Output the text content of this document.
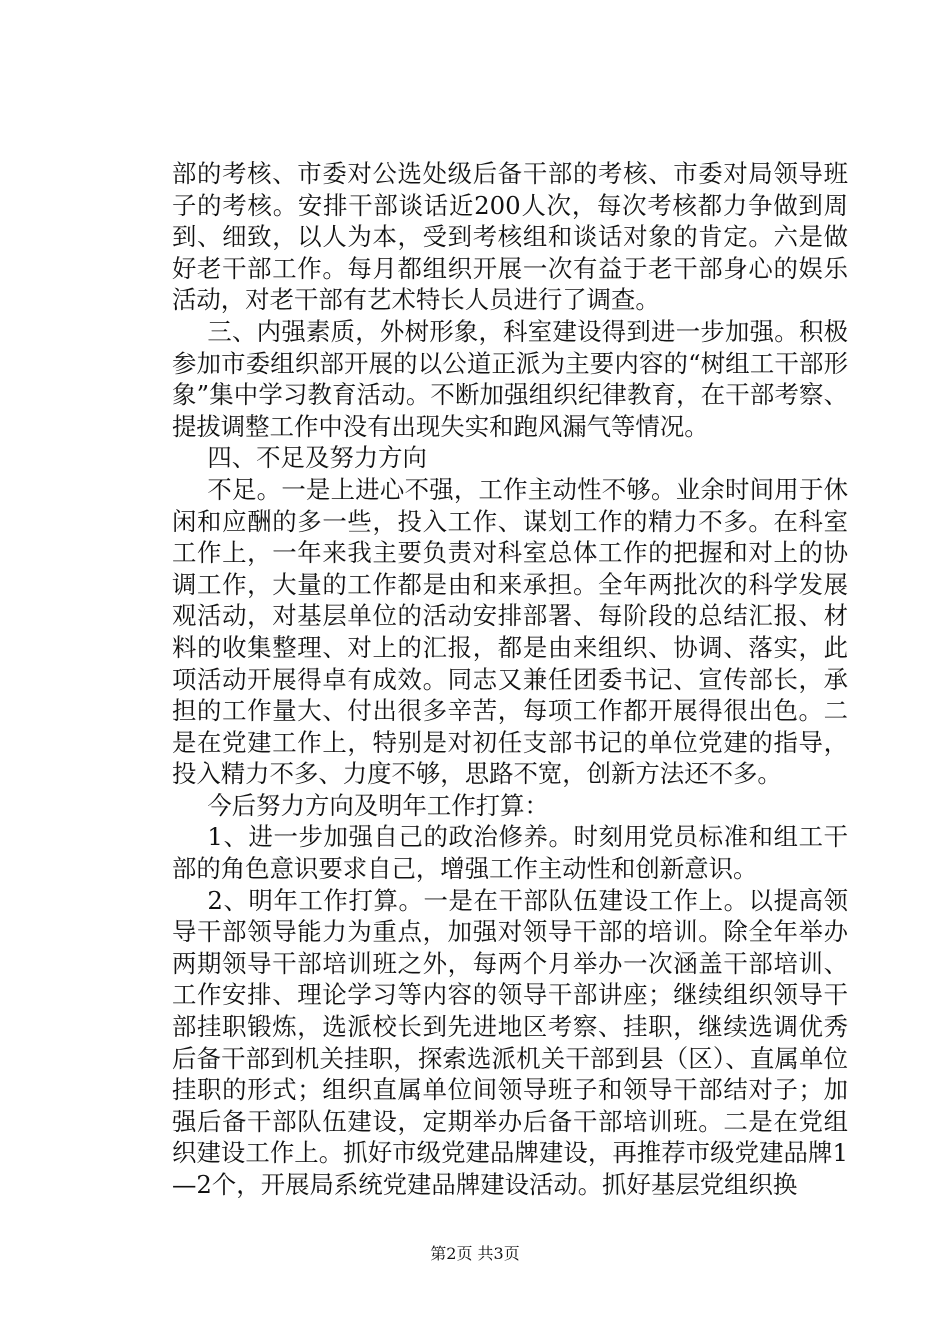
部的考核、市委对公选处级后备干部的考核、市委对局领导班子的考核。安排干部谈话近200人次，每次考核都力争做到周到、细致，以人为本，受到考核组和谈话对象的肯定。六是做好老干部工作。每月都组织开展一次有益于老干部身心的娱乐活动，对老干部有艺术特长人员进行了调查。

三、内强素质，外树形象，科室建设得到进一步加强。积极参加市委组织部开展的以公道正派为主要内容的“树组工干部形象”集中学习教育活动。不断加强组织纪律教育，在干部考察、提拔调整工作中没有出现失实和跑风漏气等情况。

四、不足及努力方向

不足。一是上进心不强，工作主动性不够。业余时间用于休闲和应酬的多一些，投入工作、谋划工作的精力不多。在科室工作上，一年来我主要负责对科室总体工作的把握和对上的协调工作，大量的工作都是由和来承担。全年两批次的科学发展观活动，对基层单位的活动安排部署、每阶段的总结汇报、材料的收集整理、对上的汇报，都是由来组织、协调、落实，此项活动开展得卓有成效。同志又兼任团委书记、宣传部长，承担的工作量大、付出很多辛苦，每项工作都开展得很出色。二是在党建工作上，特别是对初任支部书记的单位党建的指导，投入精力不多、力度不够，思路不宽，创新方法还不多。

今后努力方向及明年工作打算：

1、进一步加强自己的政治修养。时刻用党员标准和组工干部的角色意识要求自己，增强工作主动性和创新意识。

2、明年工作打算。一是在干部队伍建设工作上。以提高领导干部领导能力为重点，加强对领导干部的培训。除全年举办两期领导干部培训班之外，每两个月举办一次涵盖干部培训、工作安排、理论学习等内容的领导干部讲座；继续组织领导干部挂职锻炼，选派校长到先进地区考察、挂职，继续选调优秀后备干部到机关挂职，探索选派机关干部到县（区）、直属单位挂职的形式；组织直属单位间领导班子和领导干部结对子；加强后备干部队伍建设，定期举办后备干部培训班。二是在党组织建设工作上。抓好市级党建品牌建设，再推荐市级党建品牌1—2个，开展局系统党建品牌建设活动。抓好基层党组织换

第2页 共3页
